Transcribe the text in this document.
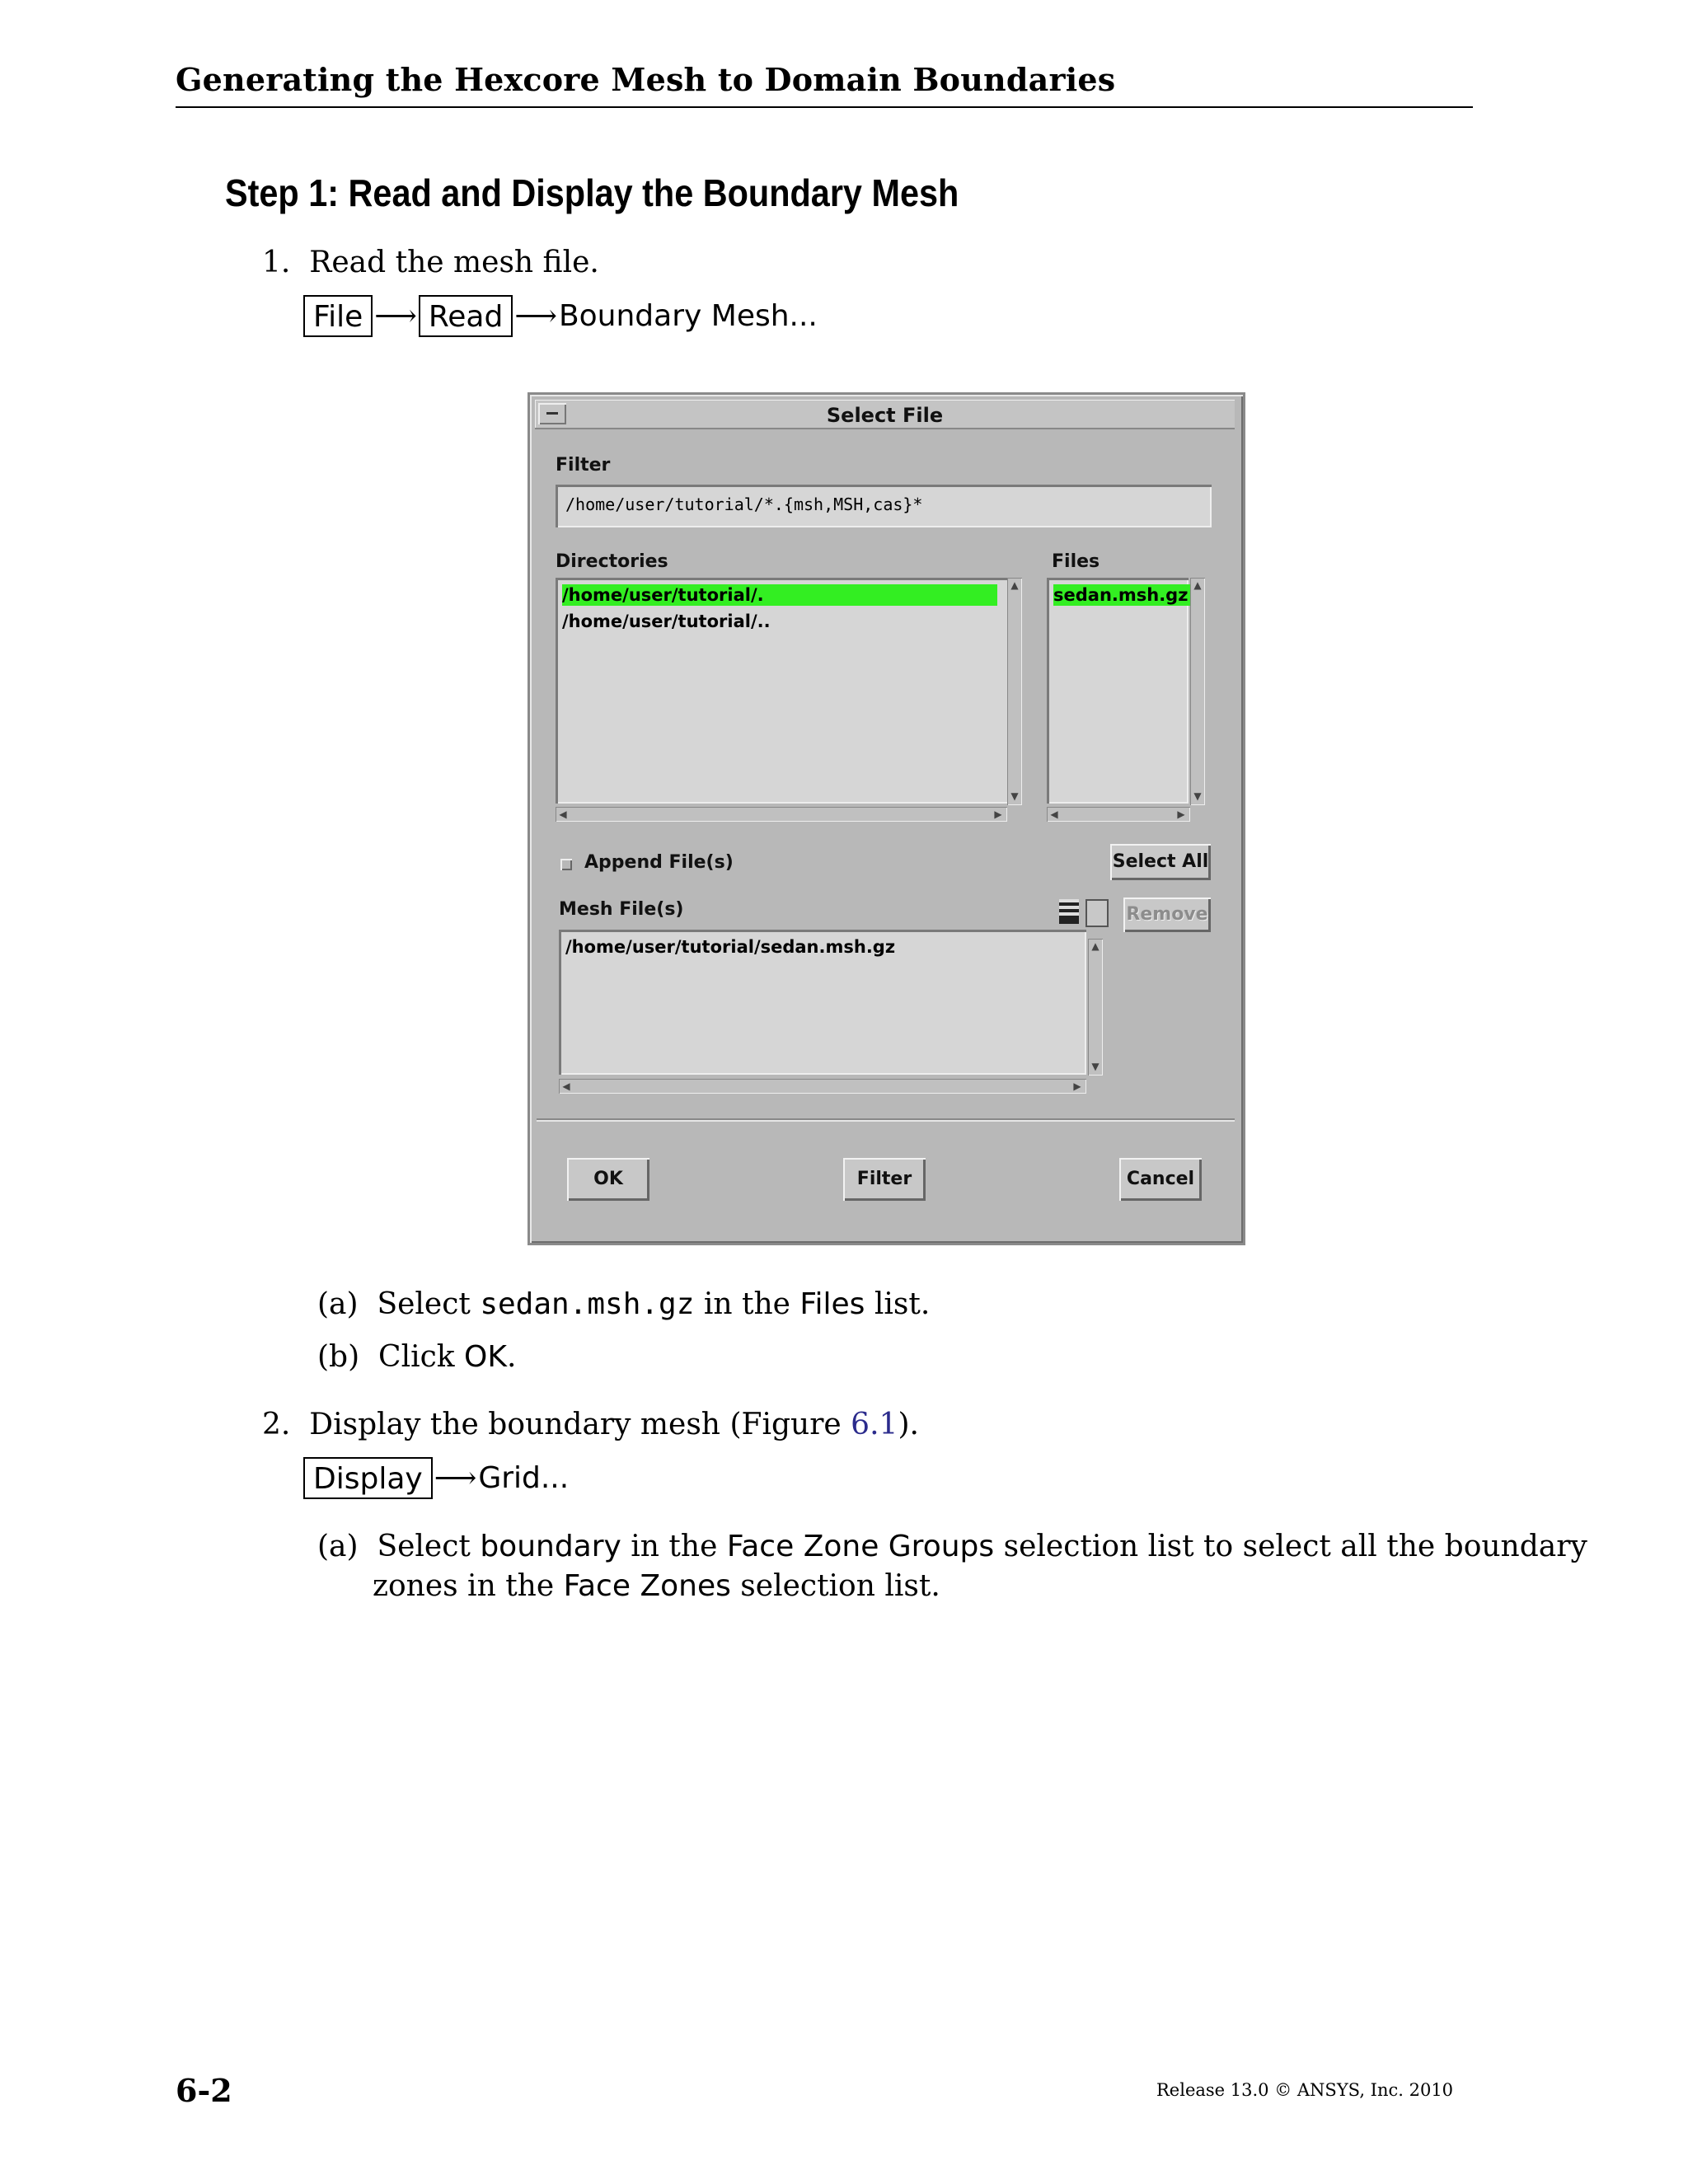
Generating the Hexcore Mesh to Domain Boundaries
Step 1: Read and Display the Boundary Mesh
1. Read the mesh file.
File ⟶ Read ⟶ Boundary Mesh...
Select File
Filter
/home/user/tutorial/*.{msh,MSH,cas}*
Directories	Files
/home/user/tutorial/.
/home/user/tutorial/..
▲
▼
◀	▶
sedan.msh.gz ▲
▼
◀	▶
Append File(s)	Select All
Mesh File(s)	Remove
/home/user/tutorial/sedan.msh.gz	▲
▼
◀	▶
OK	Filter	Cancel
(a) Select sedan.msh.gz in the Files list.
(b) Click OK.
2. Display the boundary mesh (Figure 6.1).
Display ⟶ Grid...
(a) Select boundary in the Face Zone Groups selection list to select all the boundary
zones in the Face Zones selection list.
6-2	Release 13.0 © ANSYS, Inc. 2010
